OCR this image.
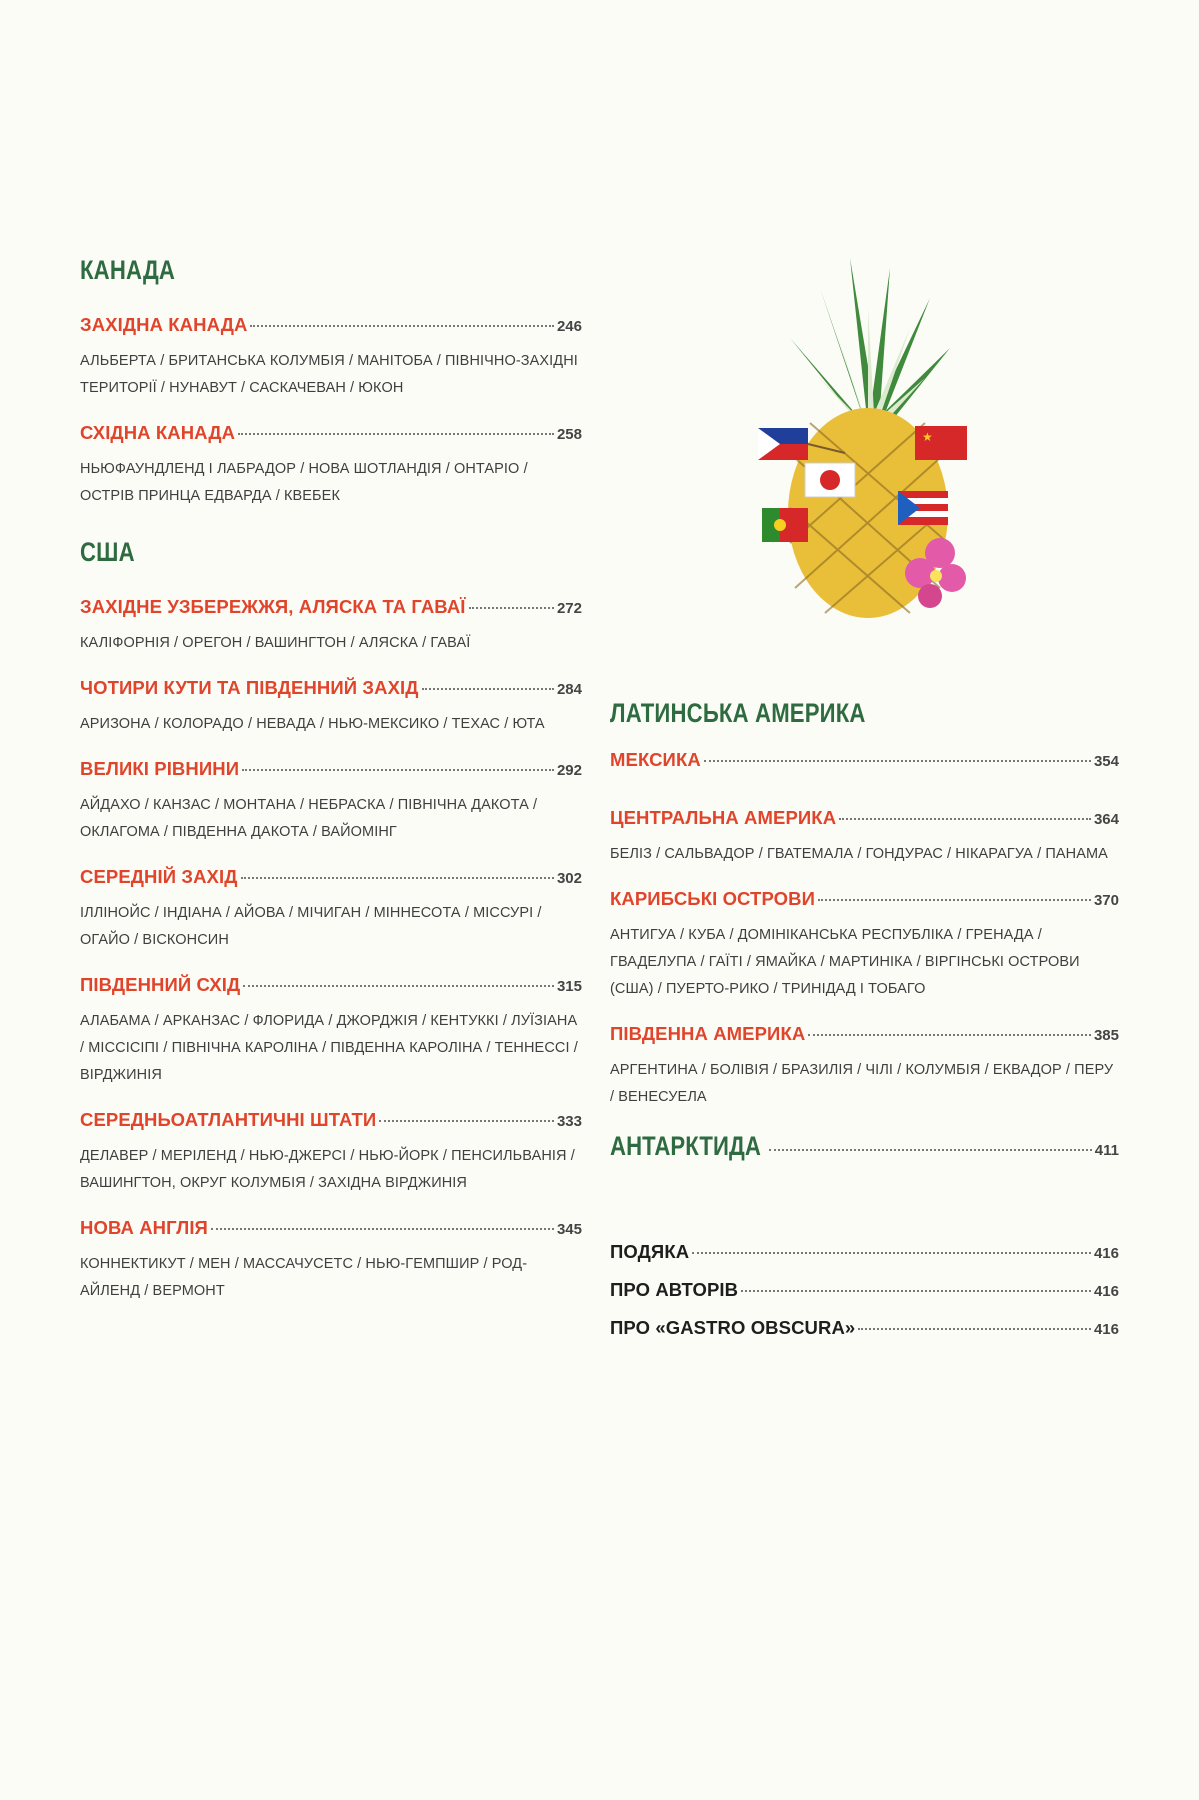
КАНАДА
ЗАХІДНА КАНАДА	246
АЛЬБЕРТА / БРИТАНСЬКА КОЛУМБІЯ / МАНІТОБА / ПІВНІЧНО-ЗАХІДНІ ТЕРИТОРІЇ / НУНАВУТ / САСКАЧЕВАН / ЮКОН
СХІДНА КАНАДА	258
НЬЮФАУНДЛЕНД І ЛАБРАДОР / НОВА ШОТЛАНДІЯ / ОНТАРІО / ОСТРІВ ПРИНЦА ЕДВАРДА / КВЕБЕК
США
ЗАХІДНЕ УЗБЕРЕЖЖЯ, АЛЯСКА ТА ГАВАЇ	272
КАЛІФОРНІЯ / ОРЕГОН / ВАШИНГТОН / АЛЯСКА / ГАВАЇ
ЧОТИРИ КУТИ ТА ПІВДЕННИЙ ЗАХІД	284
АРИЗОНА / КОЛОРАДО / НЕВАДА / НЬЮ-МЕКСИКО / ТЕХАС / ЮТА
ВЕЛИКІ РІВНИНИ	292
АЙДАХО / КАНЗАС / МОНТАНА / НЕБРАСКА / ПІВНІЧНА ДАКОТА / ОКЛАГОМА / ПІВДЕННА ДАКОТА / ВАЙОМІНГ
СЕРЕДНІЙ ЗАХІД	302
ІЛЛІНОЙС / ІНДІАНА / АЙОВА / МІЧИГАН / МІННЕСОТА / МІССУРІ / ОГАЙО / ВІСКОНСИН
ПІВДЕННИЙ СХІД	315
АЛАБАМА / АРКАНЗАС / ФЛОРИДА / ДЖОРДЖІЯ / КЕНТУККІ / ЛУЇЗІАНА / МІССІСІПІ / ПІВНІЧНА КАРОЛІНА / ПІВДЕННА КАРОЛІНА / ТЕННЕССІ / ВІРДЖИНІЯ
СЕРЕДНЬОАТЛАНТИЧНІ ШТАТИ	333
ДЕЛАВЕР / МЕРІЛЕНД / НЬЮ-ДЖЕРСІ / НЬЮ-ЙОРК / ПЕНСИЛЬВАНІЯ / ВАШИНГТОН, ОКРУГ КОЛУМБІЯ / ЗАХІДНА ВІРДЖИНІЯ
НОВА АНГЛІЯ	345
КОННЕКТИКУТ / МЕН / МАССАЧУСЕТС / НЬЮ-ГЕМПШИР / РОД-АЙЛЕНД / ВЕРМОНТ
★
ЛАТИНСЬКА АМЕРИКА
МЕКСИКА	354
ЦЕНТРАЛЬНА АМЕРИКА	364
БЕЛІЗ / САЛЬВАДОР / ГВАТЕМАЛА / ГОНДУРАС / НІКАРАГУА / ПАНАМА
КАРИБСЬКІ ОСТРОВИ	370
АНТИГУА / КУБА / ДОМІНІКАНСЬКА РЕСПУБЛІКА / ГРЕНАДА / ГВАДЕЛУПА / ГАЇТІ / ЯМАЙКА / МАРТИНІКА / ВІРГІНСЬКІ ОСТРОВИ (США) / ПУЕРТО-РИКО / ТРИНІДАД І ТОБАГО
ПІВДЕННА АМЕРИКА	385
АРГЕНТИНА / БОЛІВІЯ / БРАЗИЛІЯ / ЧІЛІ / КОЛУМБІЯ / ЕКВАДОР / ПЕРУ / ВЕНЕСУЕЛА
АНТАРКТИДА	411
ПОДЯКА	416
ПРО АВТОРІВ	416
ПРО «GASTRO OBSCURA»	416
